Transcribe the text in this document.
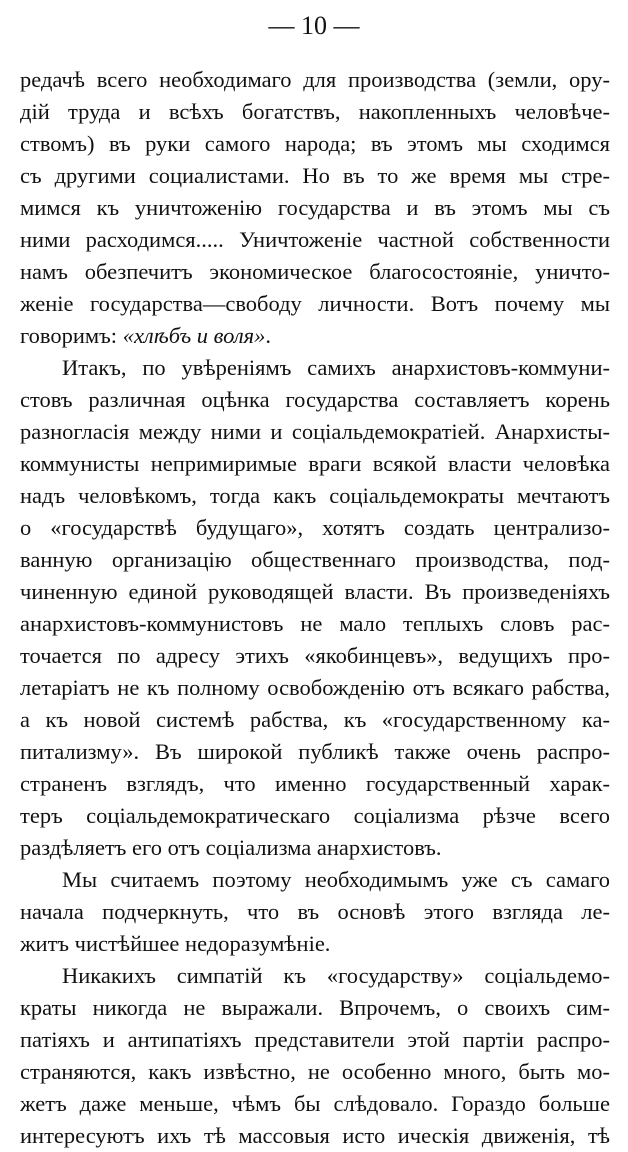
— 10 —
редачѣ всего необходимаго для производства (земли, ору-
дій труда и всѣхъ богатствъ, накопленныхъ человѣче-
ствомъ) въ руки самого народа; въ этомъ мы сходимся
съ другими социалистами. Но въ то же время мы стре-
мимся къ уничтоженію государства и въ этомъ мы съ
ними расходимся..... Уничтоженіе частной собственности
намъ обезпечитъ экономическое благосостояніе, уничто-
женіе государства—свободу личности. Вотъ почему мы
говоримъ: «хлѣбъ и воля».
Итакъ, по увѣреніямъ самихъ анархистовъ-коммуни-
стовъ различная оцѣнка государства составляетъ корень
разногласія между ними и соціальдемократіей. Анархисты-
коммунисты непримиримые враги всякой власти человѣка
надъ человѣкомъ, тогда какъ соціальдемократы мечтаютъ
о «государствѣ будущаго», хотятъ создать централизо-
ванную организацію общественнаго производства, под-
чиненную единой руководящей власти. Въ произведеніяхъ
анархистовъ-коммунистовъ не мало теплыхъ словъ рас-
точается по адресу этихъ «якобинцевъ», ведущихъ про-
летаріатъ не къ полному освобожденію отъ всякаго рабства,
а къ новой системѣ рабства, къ «государственному ка-
питализму». Въ широкой публикѣ также очень распро-
страненъ взглядъ, что именно государственный харак-
теръ соціальдемократическаго соціализма рѣзче всего
раздѣляетъ его отъ соціализма анархистовъ.
Мы считаемъ поэтому необходимымъ уже съ самаго
начала подчеркнуть, что въ основѣ этого взгляда ле-
житъ чистѣйшее недоразумѣніе.
Никакихъ симпатій къ «государству» соціальдемо-
краты никогда не выражали. Впрочемъ, о своихъ сим-
патіяхъ и антипатіяхъ представители этой партіи распро-
страняются, какъ извѣстно, не особенно много, быть мо-
жетъ даже меньше, чѣмъ бы слѣдовало. Гораздо больше
интересуютъ ихъ тѣ массовыя исто ическія движенія, тѣ
